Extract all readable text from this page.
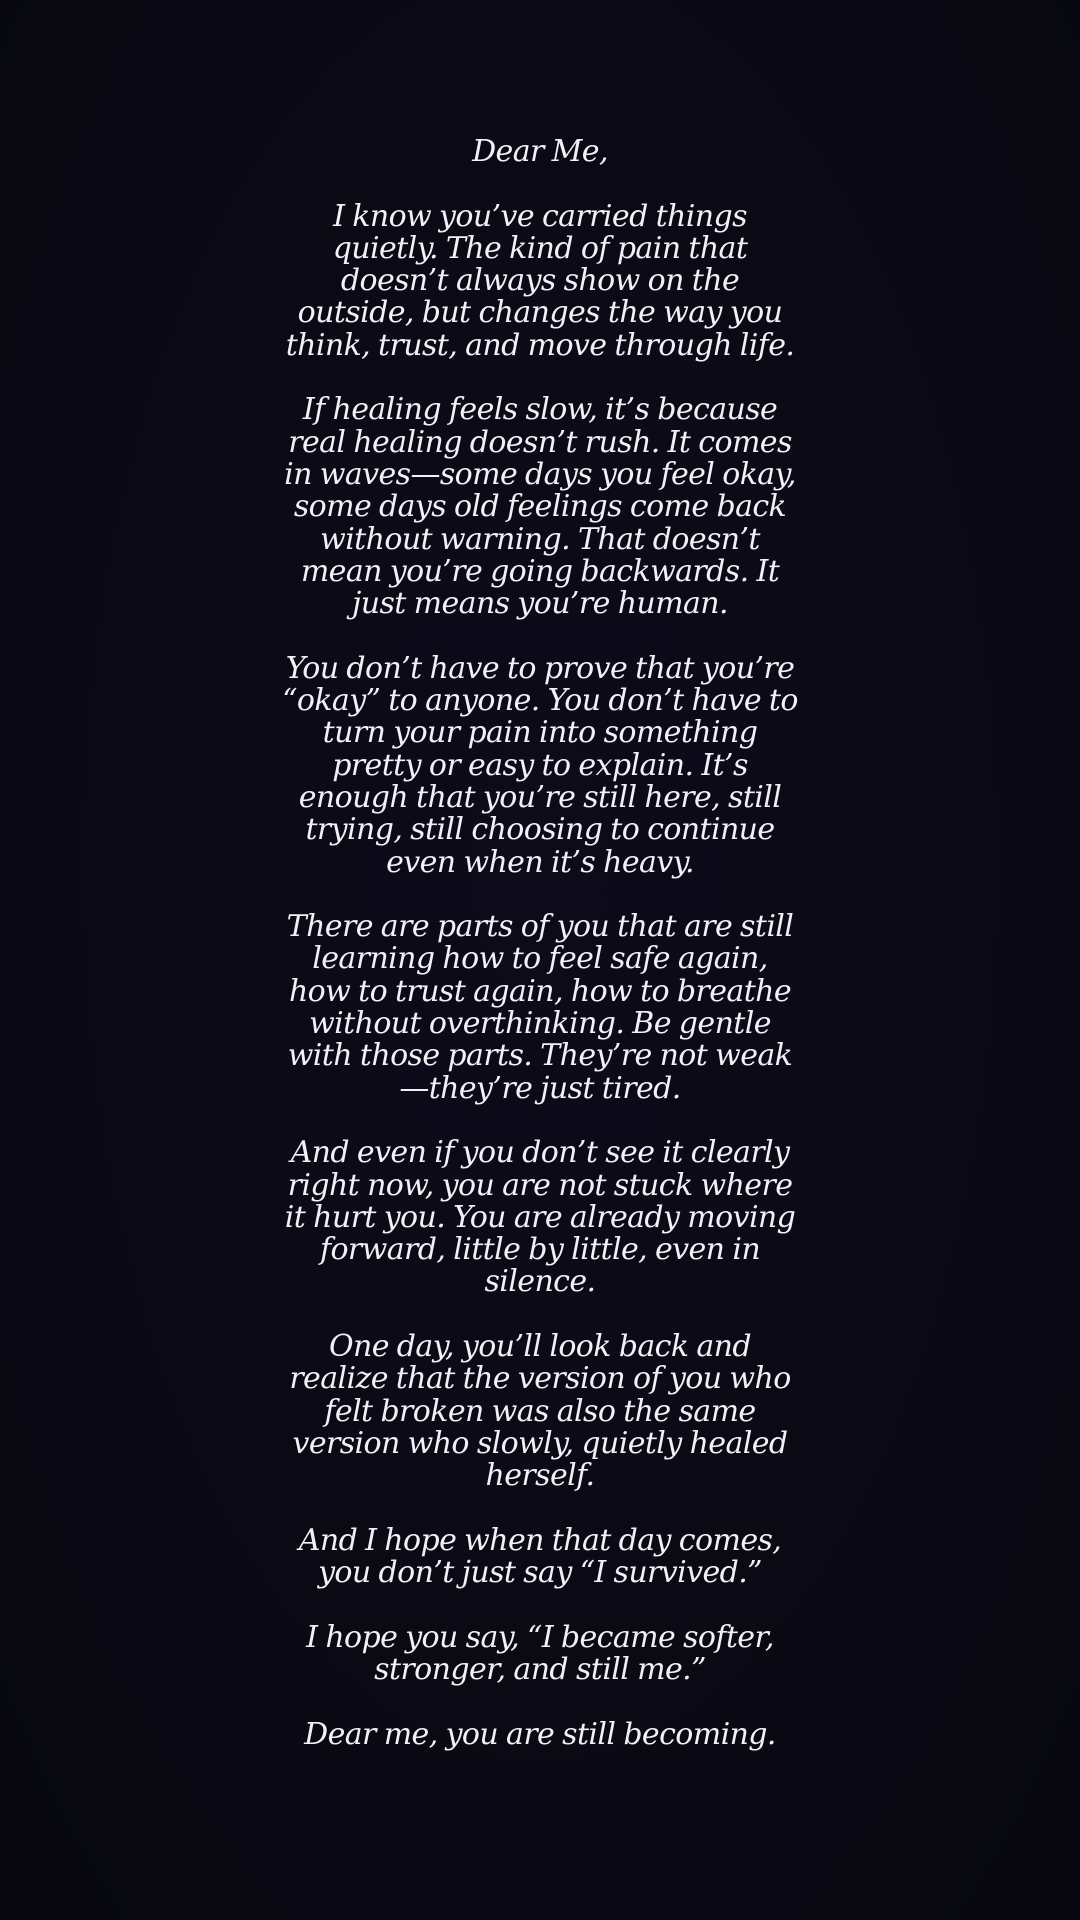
Dear Me,

I know you’ve carried things quietly. The kind of pain that doesn’t always show on the outside, but changes the way you think, trust, and move through life.

If healing feels slow, it’s because real healing doesn’t rush. It comes in waves—some days you feel okay, some days old feelings come back without warning. That doesn’t mean you’re going backwards. It just means you’re human.

You don’t have to prove that you’re “okay” to anyone. You don’t have to turn your pain into something pretty or easy to explain. It’s enough that you’re still here, still trying, still choosing to continue even when it’s heavy.

There are parts of you that are still learning how to feel safe again, how to trust again, how to breathe without overthinking. Be gentle with those parts. They’re not weak—they’re just tired.

And even if you don’t see it clearly right now, you are not stuck where it hurt you. You are already moving forward, little by little, even in silence.

One day, you’ll look back and realize that the version of you who felt broken was also the same version who slowly, quietly healed herself.

And I hope when that day comes, you don’t just say “I survived.”

I hope you say, “I became softer, stronger, and still me.”

Dear me, you are still becoming.
